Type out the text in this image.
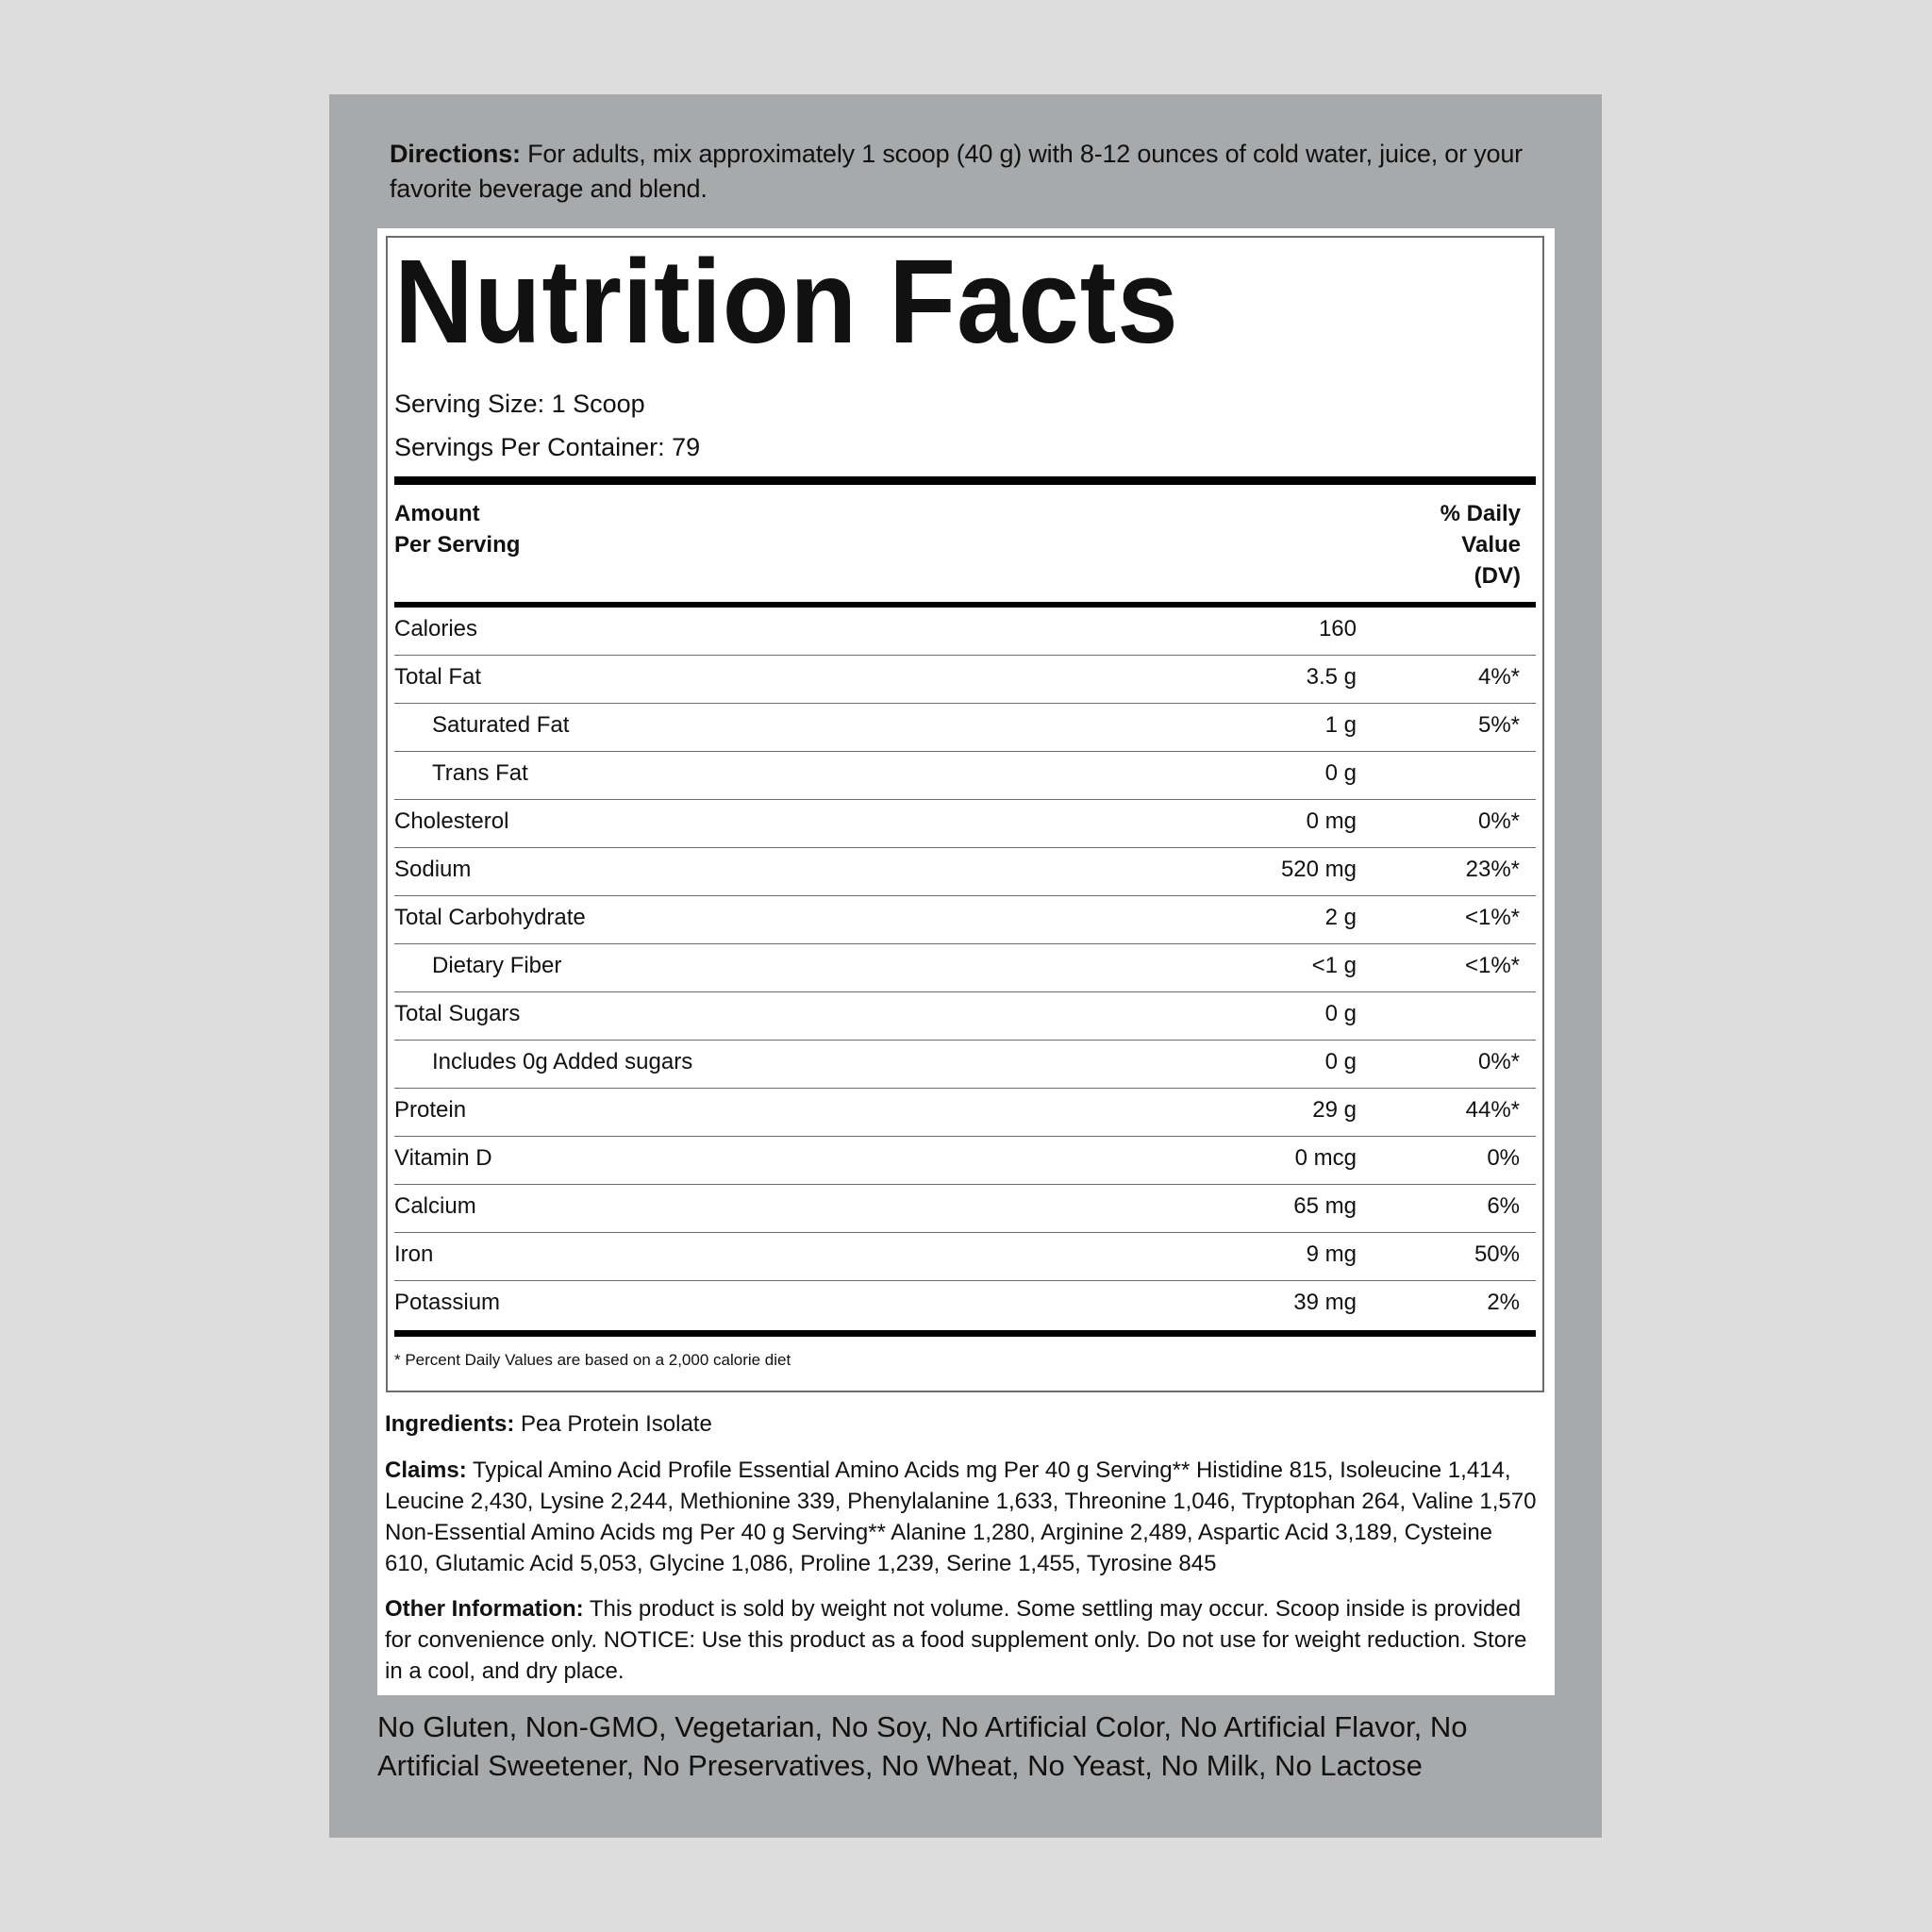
Directions: For adults, mix approximately 1 scoop (40 g) with 8-12 ounces of cold water, juice, or your favorite beverage and blend.
Nutrition Facts
Serving Size: 1 Scoop
Servings Per Container: 79
Amount
Per Serving
% Daily
Value
(DV)
Calories	160
Total Fat	3.5 g	4%*
Saturated Fat	1 g	5%*
Trans Fat	0 g
Cholesterol	0 mg	0%*
Sodium	520 mg	23%*
Total Carbohydrate	2 g	<1%*
Dietary Fiber	<1 g	<1%*
Total Sugars	0 g
Includes 0g Added sugars	0 g	0%*
Protein	29 g	44%*
Vitamin D	0 mcg	0%
Calcium	65 mg	6%
Iron	9 mg	50%
Potassium	39 mg	2%
* Percent Daily Values are based on a 2,000 calorie diet
Ingredients: Pea Protein Isolate
Claims: Typical Amino Acid Profile Essential Amino Acids mg Per 40 g Serving** Histidine 815, Isoleucine 1,414, Leucine 2,430, Lysine 2,244, Methionine 339, Phenylalanine 1,633, Threonine 1,046, Tryptophan 264, Valine 1,570 Non-Essential Amino Acids mg Per 40 g Serving** Alanine 1,280, Arginine 2,489, Aspartic Acid 3,189, Cysteine 610, Glutamic Acid 5,053, Glycine 1,086, Proline 1,239, Serine 1,455, Tyrosine 845
Other Information: This product is sold by weight not volume. Some settling may occur. Scoop inside is provided for convenience only. NOTICE: Use this product as a food supplement only. Do not use for weight reduction. Store in a cool, and dry place.
No Gluten, Non-GMO, Vegetarian, No Soy, No Artificial Color, No Artificial Flavor, No Artificial Sweetener, No Preservatives, No Wheat, No Yeast, No Milk, No Lactose
